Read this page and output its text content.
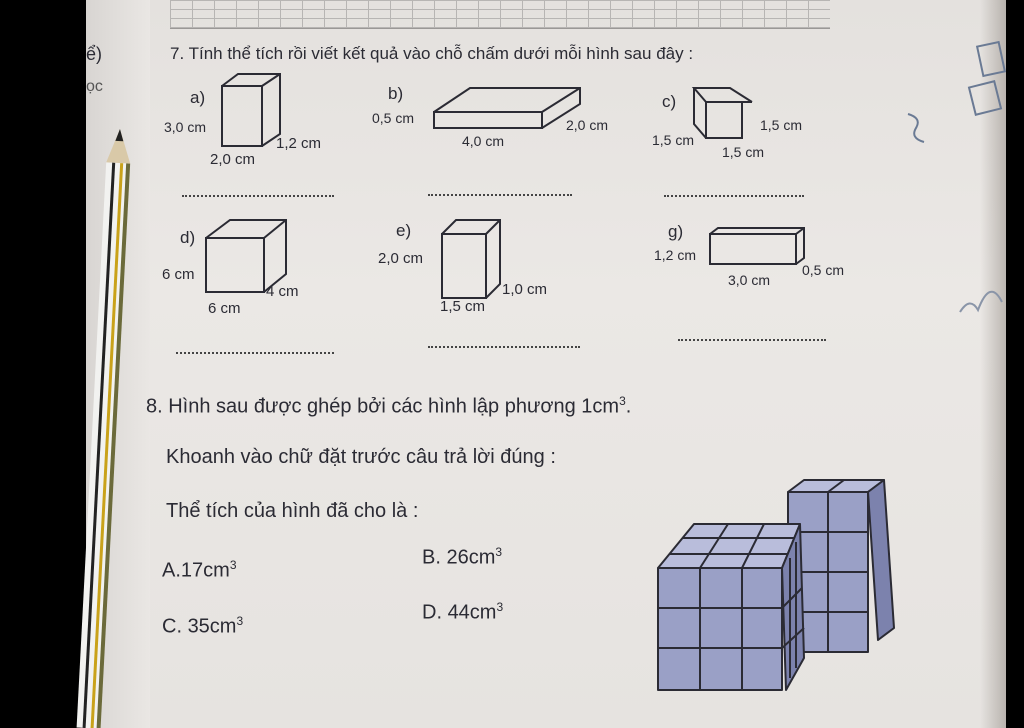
ể)
ọc
7. Tính thể tích rồi viết kết quả vào chỗ chấm dưới mỗi hình sau đây :
a)
3,0 cm
1,2 cm
2,0 cm
b)
0,5 cm
4,0 cm
2,0 cm
c)
1,5 cm
1,5 cm
1,5 cm
d)
6 cm
6 cm
4 cm
e)
2,0 cm
1,0 cm
1,5 cm
g)
1,2 cm
3,0 cm
0,5 cm
8. Hình sau được ghép bởi các hình lập phương $1cm^3$.
Khoanh vào chữ đặt trước câu trả lời đúng :
Thể tích của hình đã cho là :
$A.17cm^3$	B. $26cm^3$
C. $35cm^3$	D. $44cm^3$
